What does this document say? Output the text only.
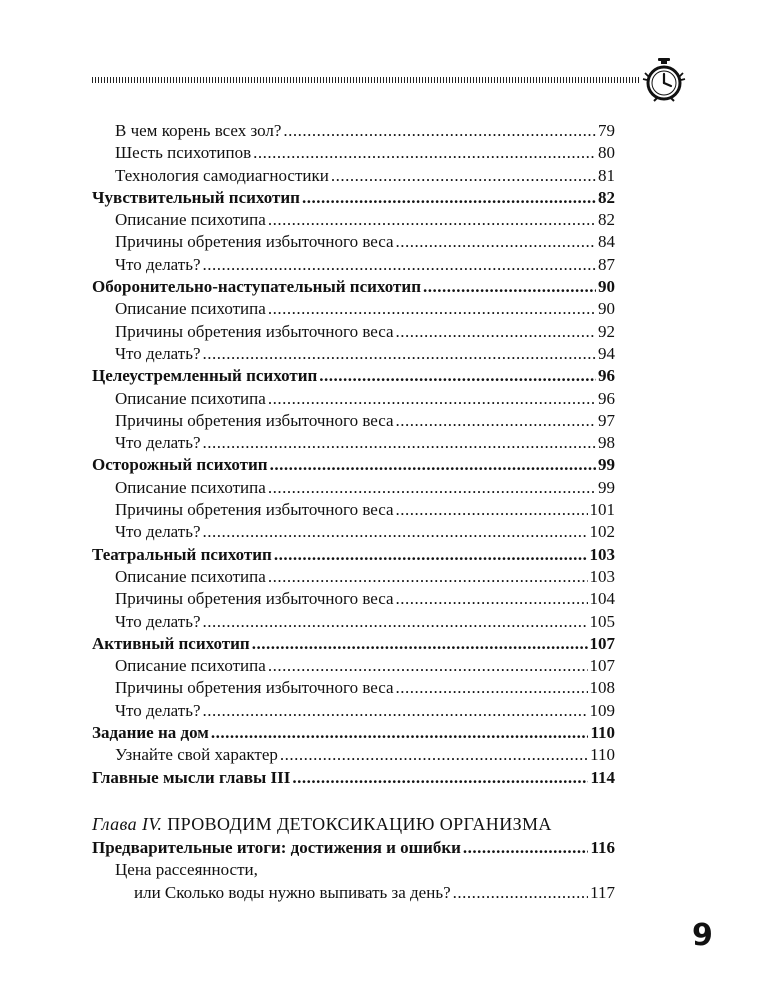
В чем корень всех зол? .....	79
Шесть психотипов .....	80
Технология самодиагностики .....	81
Чувствительный психотип .....	82
Описание психотипа .....	82
Причины обретения избыточного веса .....	84
Что делать? .....	87
Оборонительно-наступательный психотип .....	90
Описание психотипа .....	90
Причины обретения избыточного веса .....	92
Что делать? .....	94
Целеустремленный психотип .....	96
Описание психотипа .....	96
Причины обретения избыточного веса .....	97
Что делать? .....	98
Осторожный психотип .....	99
Описание психотипа .....	99
Причины обретения избыточного веса .....	101
Что делать? .....	102
Театральный психотип .....	103
Описание психотипа .....	103
Причины обретения избыточного веса .....	104
Что делать? .....	105
Активный психотип .....	107
Описание психотипа .....	107
Причины обретения избыточного веса .....	108
Что делать? .....	109
Задание на дом .....	110
Узнайте свой характер .....	110
Главные мысли главы III .....	114
Глава IV. ПРОВОДИМ ДЕТОКСИКАЦИЮ ОРГАНИЗМА
Предварительные итоги: достижения и ошибки .....	116
Цена рассеянности,
или Сколько воды нужно выпивать за день? .....	117
9
